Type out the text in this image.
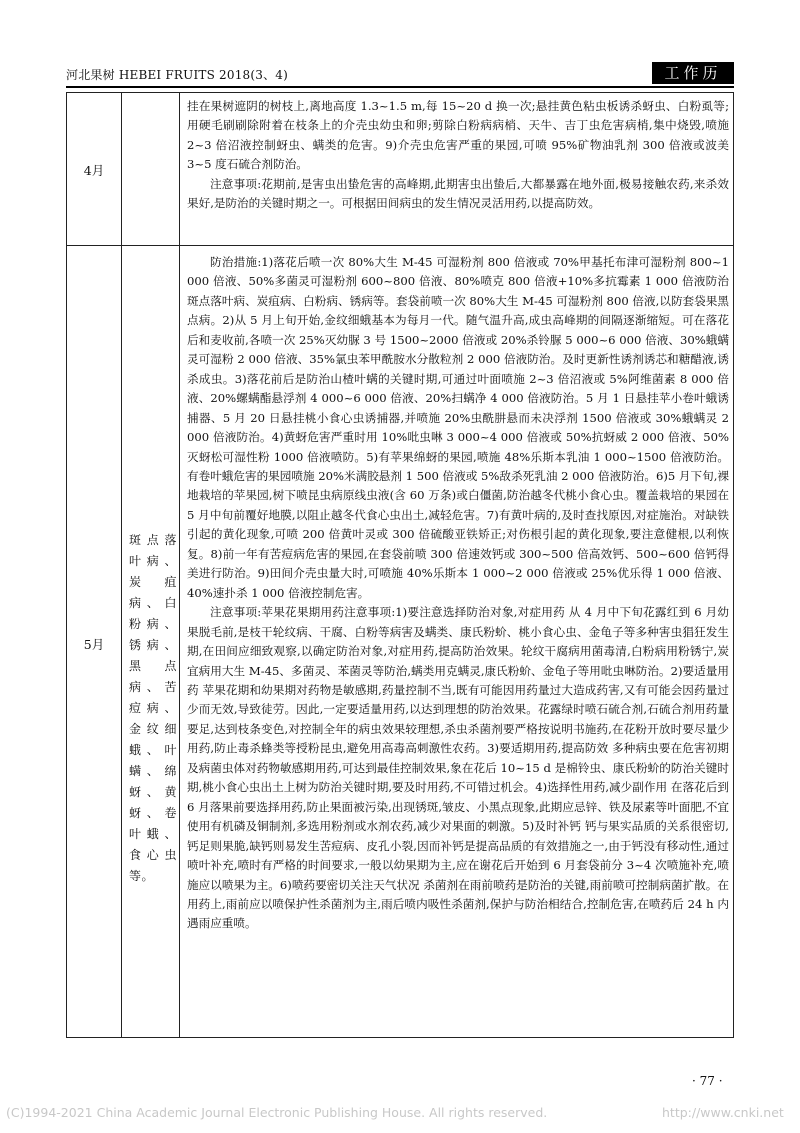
河北果树 HEBEI FRUITS 2018(3、4)	工作历
4月

挂在果树遮阴的树枝上,离地高度 1.3~1.5 m,每 15~20 d 换一次;悬挂黄色粘虫板诱杀蚜虫、白粉虱等;用硬毛刷刷除附着在枝条上的介壳虫幼虫和卵;剪除白粉病病梢、天牛、吉丁虫危害病梢,集中烧毁,喷施 2~3 倍沼液控制蚜虫、螨类的危害。9)介壳虫危害严重的果园,可喷 95%矿物油乳剂 300 倍液或波美 3~5 度石硫合剂防治。

注意事项:花期前,是害虫出蛰危害的高峰期,此期害虫出蛰后,大都暴露在地外面,极易接触农药,来杀效果好,是防治的关键时期之一。可根据田间病虫的发生情况灵活用药,以提高防效。

5月
斑点落叶病、炭疽病、白粉病、锈病、黑点病、苦痘病、金纹细蛾、叶螨、绵蚜、黄蚜、卷叶蛾、食心虫等。

防治措施:1)落花后喷一次 80%大生 M-45 可湿粉剂 800 倍液或 70%甲基托布津可湿粉剂 800~1 000 倍液、50%多菌灵可湿粉剂 600~800 倍液、80%喷克 800 倍液+10%多抗霉素 1 000 倍液防治斑点落叶病、炭疽病、白粉病、锈病等。套袋前喷一次 80%大生 M-45 可湿粉剂 800 倍液,以防套袋果黑点病。2)从 5 月上旬开始,金纹细蛾基本为每月一代。随气温升高,成虫高峰期的间隔逐渐缩短。可在落花后和麦收前,各喷一次 25%灭幼脲 3 号 1500~2000 倍液或 20%杀铃脲 5 000~6 000 倍液、30%蛾螨灵可湿粉 2 000 倍液、35%氯虫苯甲酰胺水分散粒剂 2 000 倍液防治。及时更新性诱剂诱芯和糖醋液,诱杀成虫。3)落花前后是防治山楂叶螨的关键时期,可通过叶面喷施 2~3 倍沼液或 5%阿维菌素 8 000 倍液、20%螺螨酯悬浮剂 4 000~6 000 倍液、20%扫螨净 4 000 倍液防治。5 月 1 日悬挂苹小卷叶蛾诱捕器、5 月 20 日悬挂桃小食心虫诱捕器,并喷施 20%虫酰肼悬而未决浮剂 1500 倍液或 30%蛾螨灵 2 000 倍液防治。4)黄蚜危害严重时用 10%吡虫啉 3 000~4 000 倍液或 50%抗蚜威 2 000 倍液、50%灭蚜松可湿性粉 1000 倍液喷防。5)有苹果绵蚜的果园,喷施 48%乐斯本乳油 1 000~1500 倍液防治。有卷叶蛾危害的果园喷施 20%米满胶悬剂 1 500 倍液或 5%敌杀死乳油 2 000 倍液防治。6)5 月下旬,裸地栽培的苹果园,树下喷昆虫病原线虫液(含 60 万条)或白僵菌,防治越冬代桃小食心虫。覆盖栽培的果园在 5 月中旬前覆好地膜,以阻止越冬代食心虫出土,减轻危害。7)有黄叶病的,及时查找原因,对症施治。对缺铁引起的黄化现象,可喷 200 倍黄叶灵或 300 倍硫酸亚铁矫正;对伤根引起的黄化现象,要注意健根,以利恢复。8)前一年有苦痘病危害的果园,在套袋前喷 300 倍速效钙或 300~500 倍高效钙、500~600 倍钙得美进行防治。9)田间介壳虫量大时,可喷施 40%乐斯本 1 000~2 000 倍液或 25%优乐得 1 000 倍液、40%速扑杀 1 000 倍液控制危害。

注意事项:苹果花果期用药注意事项:1)要注意选择防治对象,对症用药 从 4 月中下旬花露红到 6 月幼果脱毛前,是枝干轮纹病、干腐、白粉等病害及螨类、康氏粉蚧、桃小食心虫、金龟子等多种害虫猖狂发生期,在田间应细致观察,以确定防治对象,对症用药,提高防治效果。轮纹干腐病用菌毒清,白粉病用粉锈宁,炭宜病用大生 M-45、多菌灵、苯菌灵等防治,螨类用克螨灵,康氏粉蚧、金龟子等用吡虫啉防治。2)要适量用药 苹果花期和幼果期对药物是敏感期,药量控制不当,既有可能因用药量过大造成药害,又有可能会因药量过少而无效,导致徒劳。因此,一定要适量用药,以达到理想的防治效果。花露绿时喷石硫合剂,石硫合剂用药量要足,达到枝条变色,对控制全年的病虫效果较理想,杀虫杀菌剂要严格按说明书施药,在花粉开放时要尽量少用药,防止毒杀蜂类等授粉昆虫,避免用高毒高刺激性农药。3)要适期用药,提高防效 多种病虫要在危害初期及病菌虫体对药物敏感期用药,可达到最佳控制效果,象在花后 10~15 d 是棉铃虫、康氏粉蚧的防治关键时期,桃小食心虫出土上树为防治关键时期,要及时用药,不可错过机会。4)选择性用药,减少副作用 在落花后到 6 月落果前要选择用药,防止果面被污染,出现锈斑,皱皮、小黑点现象,此期应忌锌、铁及尿素等叶面肥,不宜使用有机磷及铜制剂,多选用粉剂或水剂农药,减少对果面的刺激。5)及时补钙 钙与果实品质的关系很密切,钙足则果脆,缺钙则易发生苦痘病、皮孔小裂,因而补钙是提高品质的有效措施之一,由于钙没有移动性,通过喷叶补充,喷时有严格的时间要求,一般以幼果期为主,应在谢花后开始到 6 月套袋前分 3~4 次喷施补充,喷施应以喷果为主。6)喷药要密切关注天气状况 杀菌剂在雨前喷药是防治的关键,雨前喷可控制病菌扩散。在用药上,雨前应以喷保护性杀菌剂为主,雨后喷内吸性杀菌剂,保护与防治相结合,控制危害,在喷药后 24 h 内遇雨应重喷。

· 77 ·
(C)1994-2021 China Academic Journal Electronic Publishing House. All rights reserved.	http://www.cnki.net
